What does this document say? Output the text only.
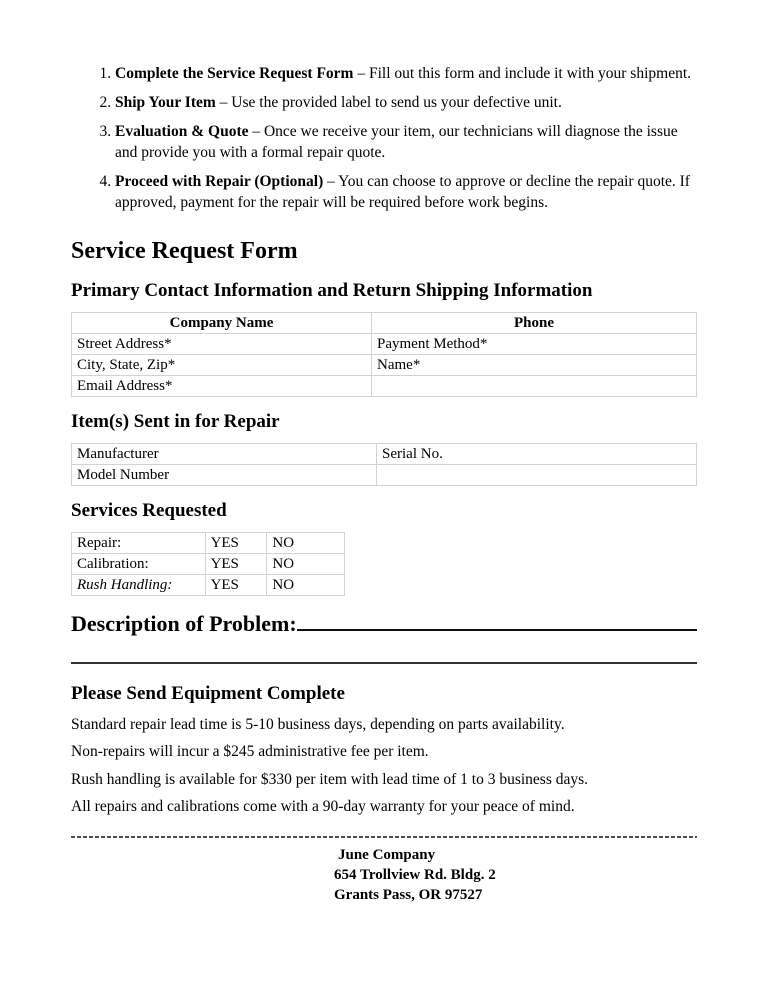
1. Complete the Service Request Form – Fill out this form and include it with your shipment.
2. Ship Your Item – Use the provided label to send us your defective unit.
3. Evaluation & Quote – Once we receive your item, our technicians will diagnose the issue and provide you with a formal repair quote.
4. Proceed with Repair (Optional) – You can choose to approve or decline the repair quote. If approved, payment for the repair will be required before work begins.
Service Request Form
Primary Contact Information and Return Shipping Information
Company Name	Phone
Street Address*	Payment Method*
City, State, Zip*	Name*
Email Address*	
Item(s) Sent in for Repair
Manufacturer	Serial No.
Model Number	
Services Requested
Repair:	YES	NO
Calibration:	YES	NO
Rush Handling:	YES	NO
Description of Problem:
Please Send Equipment Complete

Standard repair lead time is 5-10 business days, depending on parts availability.

Non-repairs will incur a $245 administrative fee per item.

Rush handling is available for $330 per item with lead time of 1 to 3 business days.

All repairs and calibrations come with a 90-day warranty for your peace of mind.

June Company

654 Trollview Rd. Bldg. 2

Grants Pass, OR 97527
